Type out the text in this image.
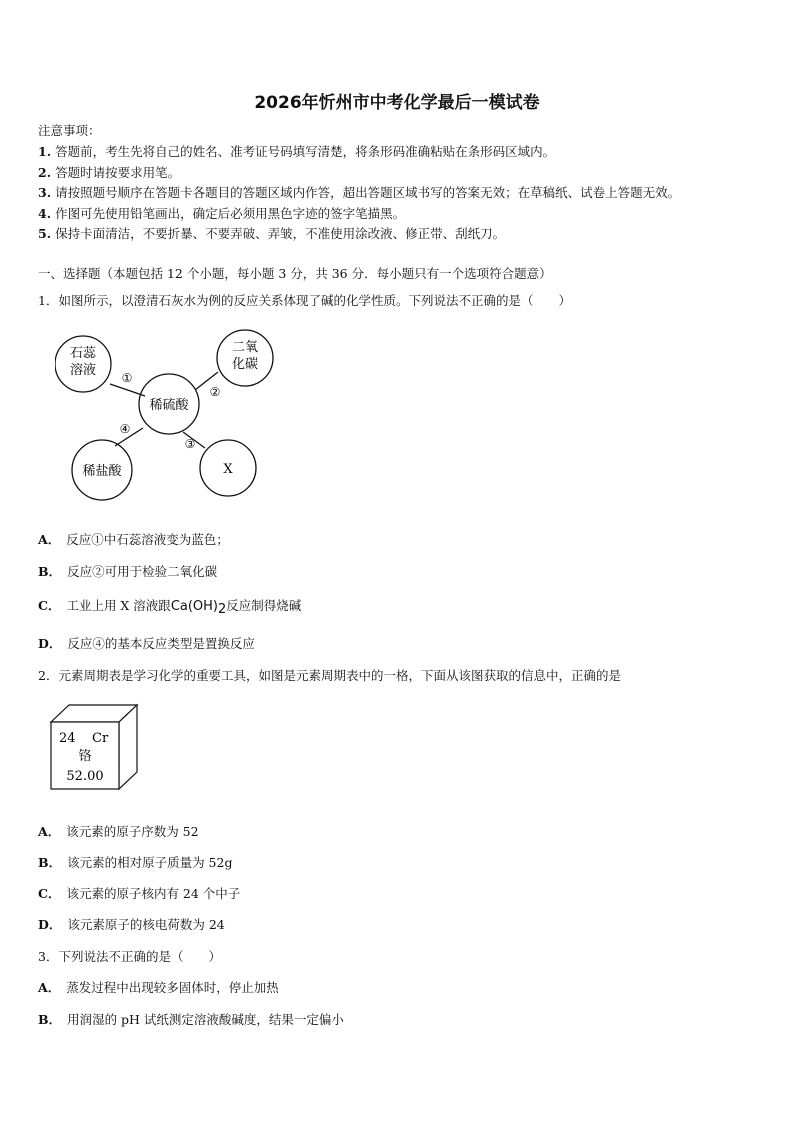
2026年忻州市中考化学最后一模试卷
注意事项：
1. 答题前，考生先将自己的姓名、准考证号码填写清楚，将条形码准确粘贴在条形码区域内。
2. 答题时请按要求用笔。
3. 请按照题号顺序在答题卡各题目的答题区域内作答，超出答题区域书写的答案无效；在草稿纸、试卷上答题无效。
4. 作图可先使用铅笔画出，确定后必须用黑色字迹的签字笔描黑。
5. 保持卡面清洁，不要折暴、不要弄破、弄皱，不准使用涂改液、修正带、刮纸刀。
一、选择题（本题包括 12 个小题，每小题 3 分，共 36 分．每小题只有一个选项符合题意）
1．如图所示，以澄清石灰水为例的反应关系体现了碱的化学性质。下列说法不正确的是（　　）
石蕊
溶液
二氧
化碳
稀硫酸
稀盐酸	X
①
②
③
④
A． 反应①中石蕊溶液变为蓝色；
B． 反应②可用于检验二氧化碳
C． 工业上用 X 溶液跟Ca(OH)2反应制得烧碱
D． 反应④的基本反应类型是置换反应
2．元素周期表是学习化学的重要工具，如图是元素周期表中的一格，下面从该图获取的信息中，正确的是
24 Cr
铬
52.00
A． 该元素的原子序数为 52
B． 该元素的相对原子质量为 52g
C． 该元素的原子核内有 24 个中子
D． 该元素原子的核电荷数为 24
3．下列说法不正确的是（　　）
A． 蒸发过程中出现较多固体时，停止加热
B． 用润湿的 pH 试纸测定溶液酸碱度，结果一定偏小
